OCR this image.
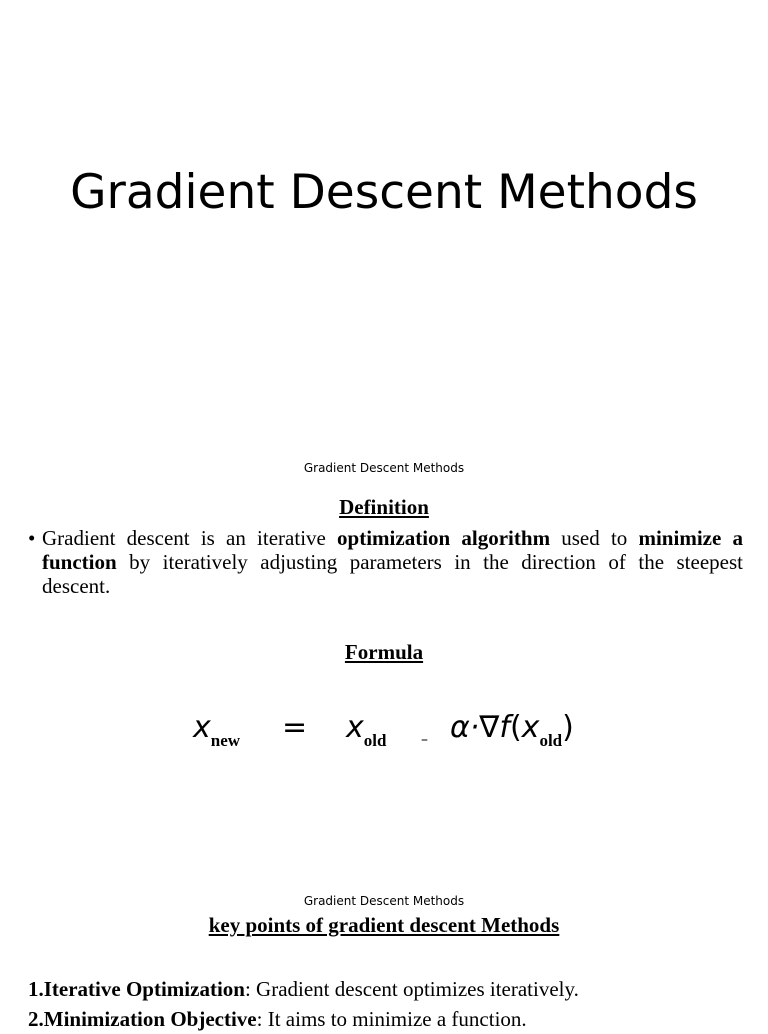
Gradient Descent Methods
Gradient Descent Methods
Definition
• Gradient descent is an iterative optimization algorithm used to minimize a function by iteratively adjusting parameters in the direction of the steepest descent.
Formula
$x_{new} = x_{old} - \alpha\cdot\nabla f(x_{old})$
Gradient Descent Methods
key points of gradient descent Methods
1.Iterative Optimization: Gradient descent optimizes iteratively.
2.Minimization Objective: It aims to minimize a function.
